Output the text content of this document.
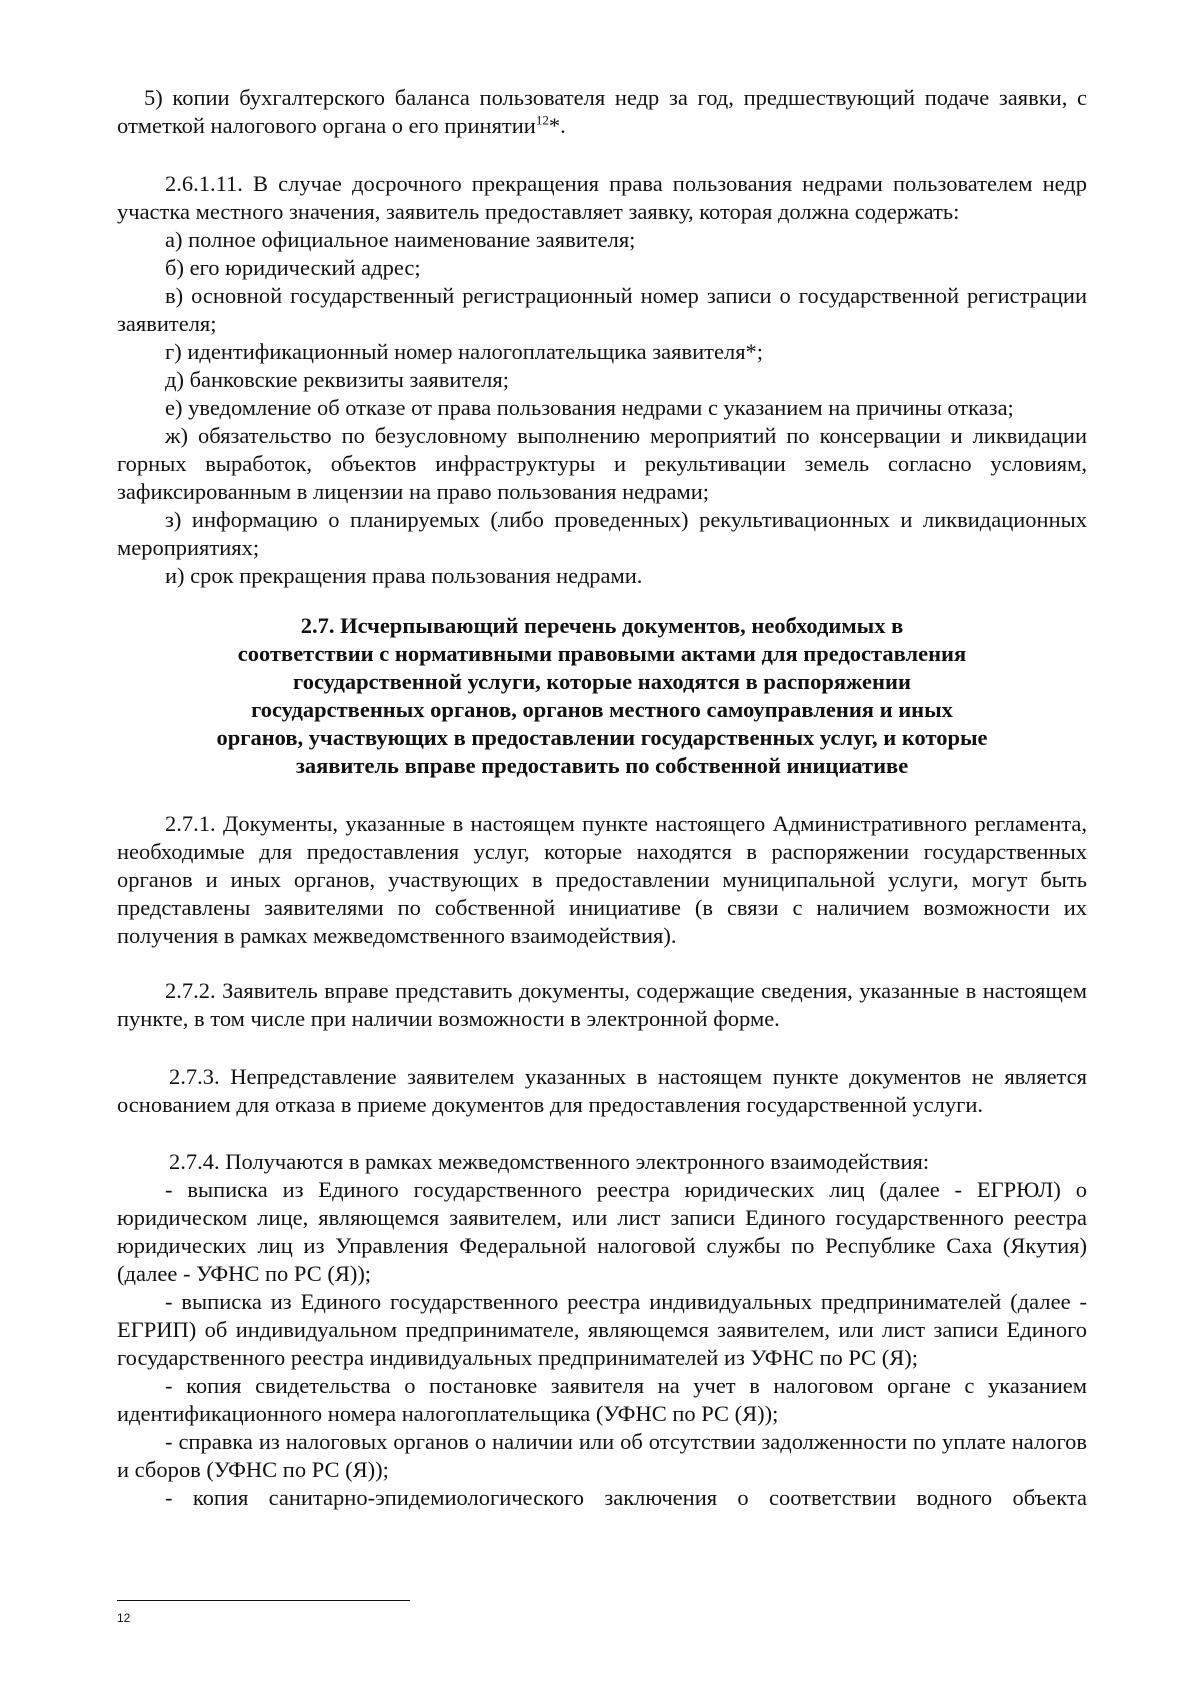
5) копии бухгалтерского баланса пользователя недр за год, предшествующий подаче заявки, с

отметкой налогового органа о его принятии$^{12}$*.

2.6.1.11. В случае досрочного прекращения права пользования недрами пользователем недр участка местного значения, заявитель предоставляет заявку, которая должна содержать:

а) полное официальное наименование заявителя;

б) его юридический адрес;

в) основной государственный регистрационный номер записи о государственной регистрации заявителя;

г) идентификационный номер налогоплательщика заявителя*;

д) банковские реквизиты заявителя;

е) уведомление об отказе от права пользования недрами с указанием на причины отказа;

ж) обязательство по безусловному выполнению мероприятий по консервации и ликвидации горных выработок, объектов инфраструктуры и рекультивации земель согласно условиям, зафиксированным в лицензии на право пользования недрами;

з) информацию о планируемых (либо проведенных) рекультивационных и ликвидационных мероприятиях;

и) срок прекращения права пользования недрами.

2.7. Исчерпывающий перечень документов, необходимых в
соответствии с нормативными правовыми актами для предоставления
государственной услуги, которые находятся в распоряжении
государственных органов, органов местного самоуправления и иных
органов, участвующих в предоставлении государственных услуг, и которые
заявитель вправе предоставить по собственной инициативе

2.7.1. Документы, указанные в настоящем пункте настоящего Административного регламента, необходимые для предоставления услуг, которые находятся в распоряжении государственных органов и иных органов, участвующих в предоставлении муниципальной услуги, могут быть представлены заявителями по собственной инициативе (в связи с наличием возможности их получения в рамках межведомственного взаимодействия).

2.7.2. Заявитель вправе представить документы, содержащие сведения, указанные в настоящем пункте, в том числе при наличии возможности в электронной форме.

2.7.3. Непредставление заявителем указанных в настоящем пункте документов не является основанием для отказа в приеме документов для предоставления государственной услуги.

2.7.4. Получаются в рамках межведомственного электронного взаимодействия:

- выписка из Единого государственного реестра юридических лиц (далее - ЕГРЮЛ) о юридическом лице, являющемся заявителем, или лист записи Единого государственного реестра юридических лиц из Управления Федеральной налоговой службы по Республике Саха (Якутия) (далее - УФНС по РС (Я));

- выписка из Единого государственного реестра индивидуальных предпринимателей (далее - ЕГРИП) об индивидуальном предпринимателе, являющемся заявителем, или лист записи Единого государственного реестра индивидуальных предпринимателей из УФНС по РС (Я);

- копия свидетельства о постановке заявителя на учет в налоговом органе с указанием идентификационного номера налогоплательщика (УФНС по РС (Я));

- справка из налоговых органов о наличии или об отсутствии задолженности по уплате налогов и сборов (УФНС по РС (Я));

- копия санитарно-эпидемиологического заключения о соответствии водного объекта

12
